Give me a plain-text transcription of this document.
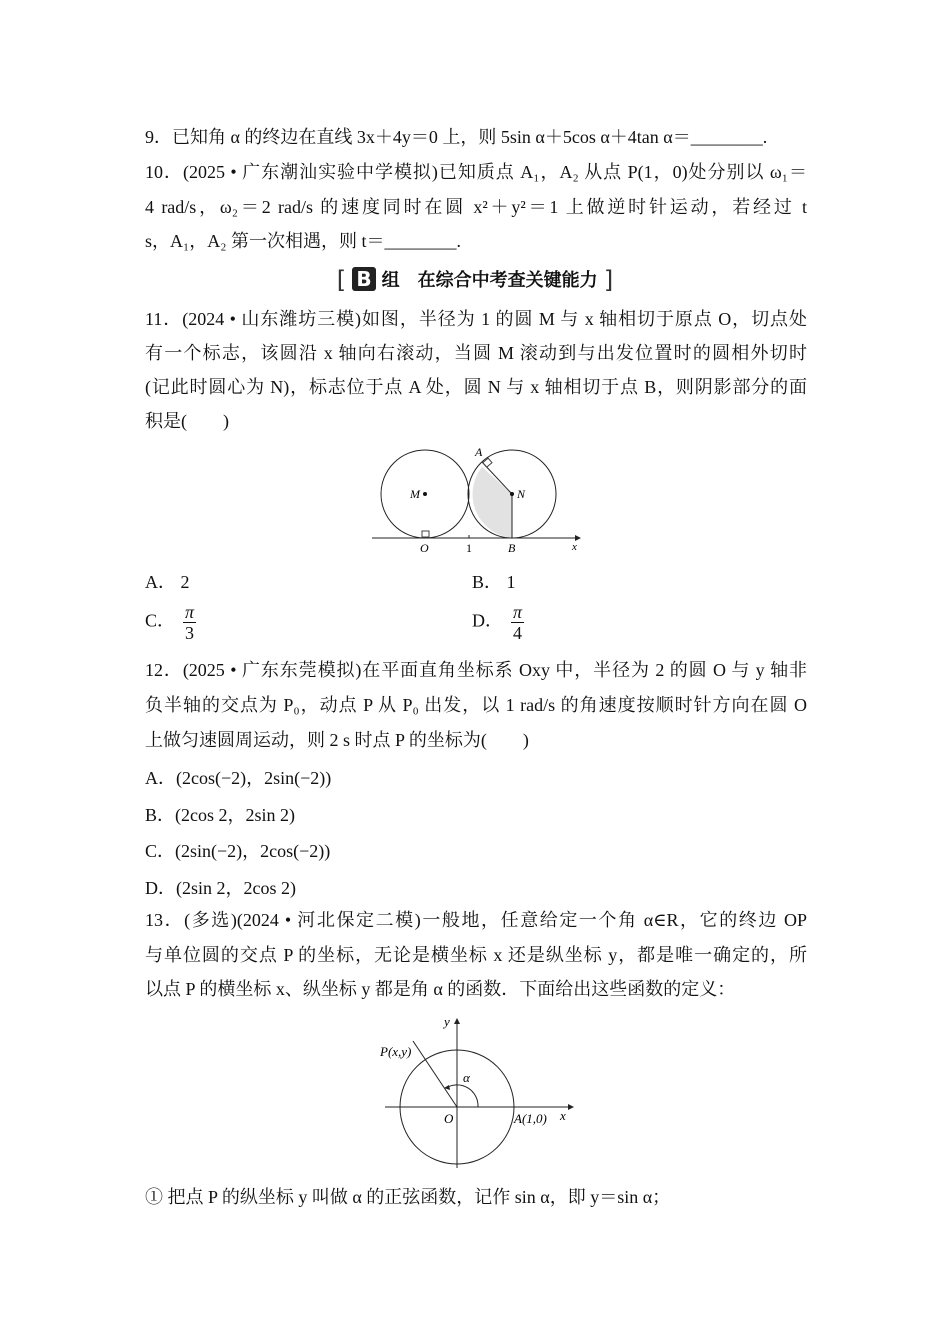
9．已知角 α 的终边在直线 3x＋4y＝0 上，则 5sin α＋5cos α＋4tan α＝________.
10．(2025 • 广东潮汕实验中学模拟)已知质点 A₁，A₂ 从点 P(1，0)处分别以 ω₁＝
4 rad/s，ω₂＝2 rad/s 的速度同时在圆 x²＋y²＝1 上做逆时针运动，若经过 t
s，A₁，A₂ 第一次相遇，则 t＝________.
[ B 组　在综合中考查关键能力 ]
11．(2024 • 山东潍坊三模)如图，半径为 1 的圆 M 与 x 轴相切于原点 O，切点处
有一个标志，该圆沿 x 轴向右滚动，当圆 M 滚动到与出发位置时的圆相外切时
(记此时圆心为 N)，标志位于点 A 处，圆 N 与 x 轴相切于点 B，则阴影部分的面
积是(　　)
M	N
A
O	1	B	x
A． 2	B． 1
C． $\frac{\pi}{3}$	D． $\frac{\pi}{4}$
12．(2025 • 广东东莞模拟)在平面直角坐标系 Oxy 中，半径为 2 的圆 O 与 y 轴非
负半轴的交点为 P₀，动点 P 从 P₀ 出发，以 1 rad/s 的角速度按顺时针方向在圆 O
上做匀速圆周运动，则 2 s 时点 P 的坐标为(　　)
A．(2cos(−2)，2sin(−2))
B．(2cos 2，2sin 2)
C．(2sin(−2)，2cos(−2))
D．(2sin 2，2cos 2)
13．(多选)(2024 • 河北保定二模)一般地，任意给定一个角 α∈R，它的终边 OP
与单位圆的交点 P 的坐标，无论是横坐标 x 还是纵坐标 y，都是唯一确定的，所
以点 P 的横坐标 x、纵坐标 y 都是角 α 的函数．下面给出这些函数的定义：
y
P(x,y)
α
O	A(1,0) x
① 把点 P 的纵坐标 y 叫做 α 的正弦函数，记作 sin α，即 y＝sin α；
